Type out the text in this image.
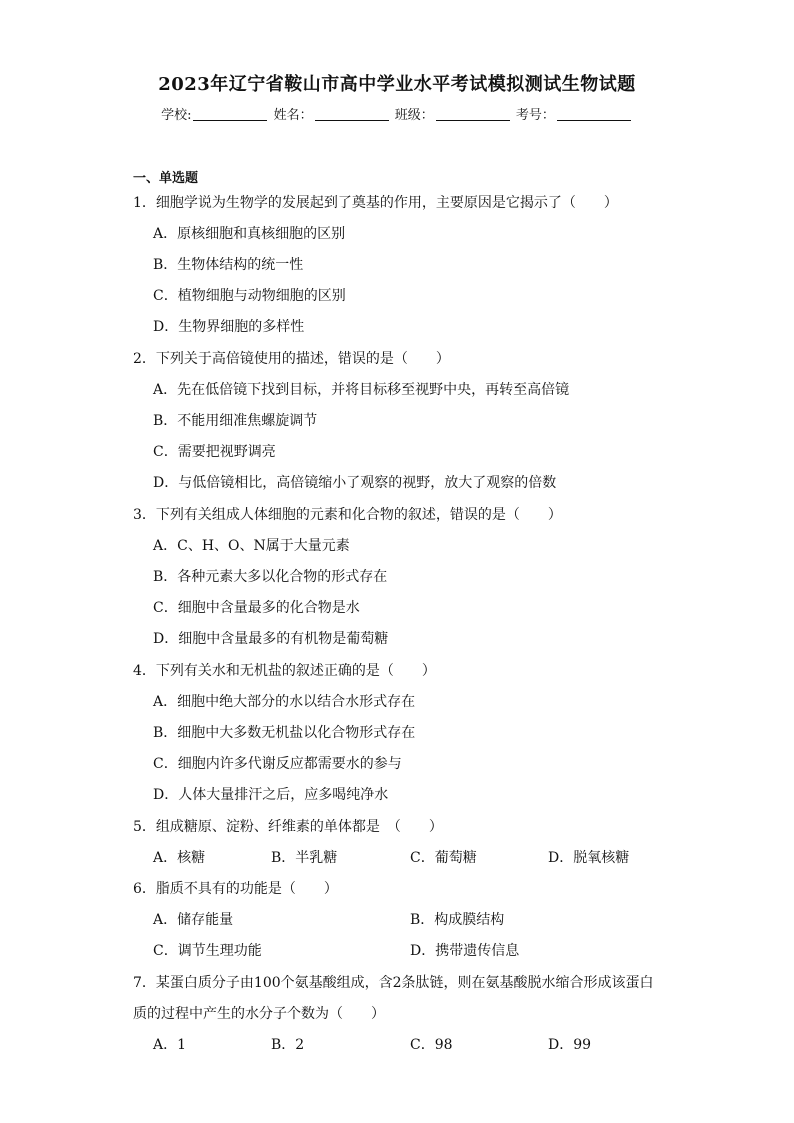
2023年辽宁省鞍山市高中学业水平考试模拟测试生物试题
学校:	姓名：	班级：	考号：
一、单选题
1．细胞学说为生物学的发展起到了奠基的作用，主要原因是它揭示了（　　）
A．原核细胞和真核细胞的区别
B．生物体结构的统一性
C．植物细胞与动物细胞的区别
D．生物界细胞的多样性
2．下列关于高倍镜使用的描述，错误的是（　　）
A．先在低倍镜下找到目标，并将目标移至视野中央，再转至高倍镜
B．不能用细准焦螺旋调节
C．需要把视野调亮
D．与低倍镜相比，高倍镜缩小了观察的视野，放大了观察的倍数
3．下列有关组成人体细胞的元素和化合物的叙述，错误的是（　　）
A．C、H、O、N属于大量元素
B．各种元素大多以化合物的形式存在
C．细胞中含量最多的化合物是水
D．细胞中含量最多的有机物是葡萄糖
4．下列有关水和无机盐的叙述正确的是（　　）
A．细胞中绝大部分的水以结合水形式存在
B．细胞中大多数无机盐以化合物形式存在
C．细胞内许多代谢反应都需要水的参与
D．人体大量排汗之后，应多喝纯净水
5．组成糖原、淀粉、纤维素的单体都是　（　　）
A．核糖	B．半乳糖	C．葡萄糖	D．脱氧核糖
6．脂质不具有的功能是（　　）
A．储存能量	B．构成膜结构
C．调节生理功能	D．携带遗传信息
7．某蛋白质分子由100个氨基酸组成，含2条肽链，则在氨基酸脱水缩合形成该蛋白
质的过程中产生的水分子个数为（　　）
A．1	B．2	C．98	D．99
